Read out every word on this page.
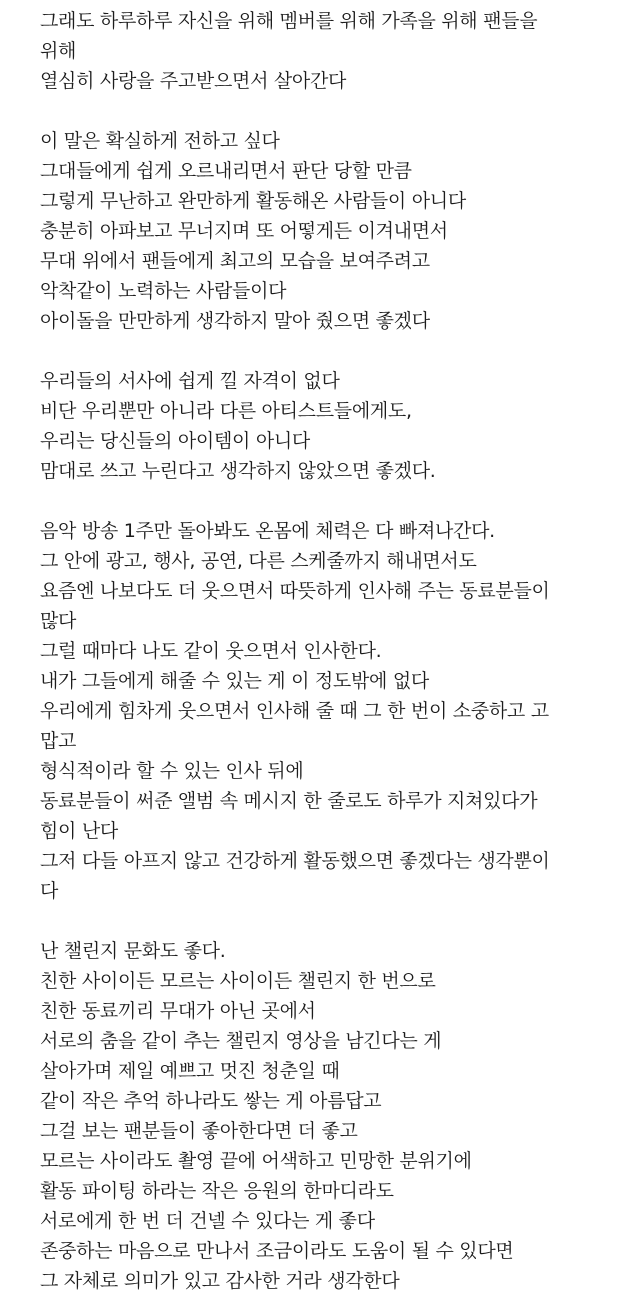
그래도 하루하루 자신을 위해 멤버를 위해 가족을 위해 팬들을
위해
열심히 사랑을 주고받으면서 살아간다
이 말은 확실하게 전하고 싶다
그대들에게 쉽게 오르내리면서 판단 당할 만큼
그렇게 무난하고 완만하게 활동해온 사람들이 아니다
충분히 아파보고 무너지며 또 어떻게든 이겨내면서
무대 위에서 팬들에게 최고의 모습을 보여주려고
악착같이 노력하는 사람들이다
아이돌을 만만하게 생각하지 말아 줬으면 좋겠다
우리들의 서사에 쉽게 낄 자격이 없다
비단 우리뿐만 아니라 다른 아티스트들에게도,
우리는 당신들의 아이템이 아니다
맘대로 쓰고 누린다고 생각하지 않았으면 좋겠다.
음악 방송 1주만 돌아봐도 온몸에 체력은 다 빠져나간다.
그 안에 광고, 행사, 공연, 다른 스케줄까지 해내면서도
요즘엔 나보다도 더 웃으면서 따뜻하게 인사해 주는 동료분들이
많다
그럴 때마다 나도 같이 웃으면서 인사한다.
내가 그들에게 해줄 수 있는 게 이 정도밖에 없다
우리에게 힘차게 웃으면서 인사해 줄 때 그 한 번이 소중하고 고
맙고
형식적이라 할 수 있는 인사 뒤에
동료분들이 써준 앨범 속 메시지 한 줄로도 하루가 지쳐있다가
힘이 난다
그저 다들 아프지 않고 건강하게 활동했으면 좋겠다는 생각뿐이
다
난 챌린지 문화도 좋다.
친한 사이이든 모르는 사이이든 챌린지 한 번으로
친한 동료끼리 무대가 아닌 곳에서
서로의 춤을 같이 추는 챌린지 영상을 남긴다는 게
살아가며 제일 예쁘고 멋진 청춘일 때
같이 작은 추억 하나라도 쌓는 게 아름답고
그걸 보는 팬분들이 좋아한다면 더 좋고
모르는 사이라도 촬영 끝에 어색하고 민망한 분위기에
활동 파이팅 하라는 작은 응원의 한마디라도
서로에게 한 번 더 건넬 수 있다는 게 좋다
존중하는 마음으로 만나서 조금이라도 도움이 될 수 있다면
그 자체로 의미가 있고 감사한 거라 생각한다
